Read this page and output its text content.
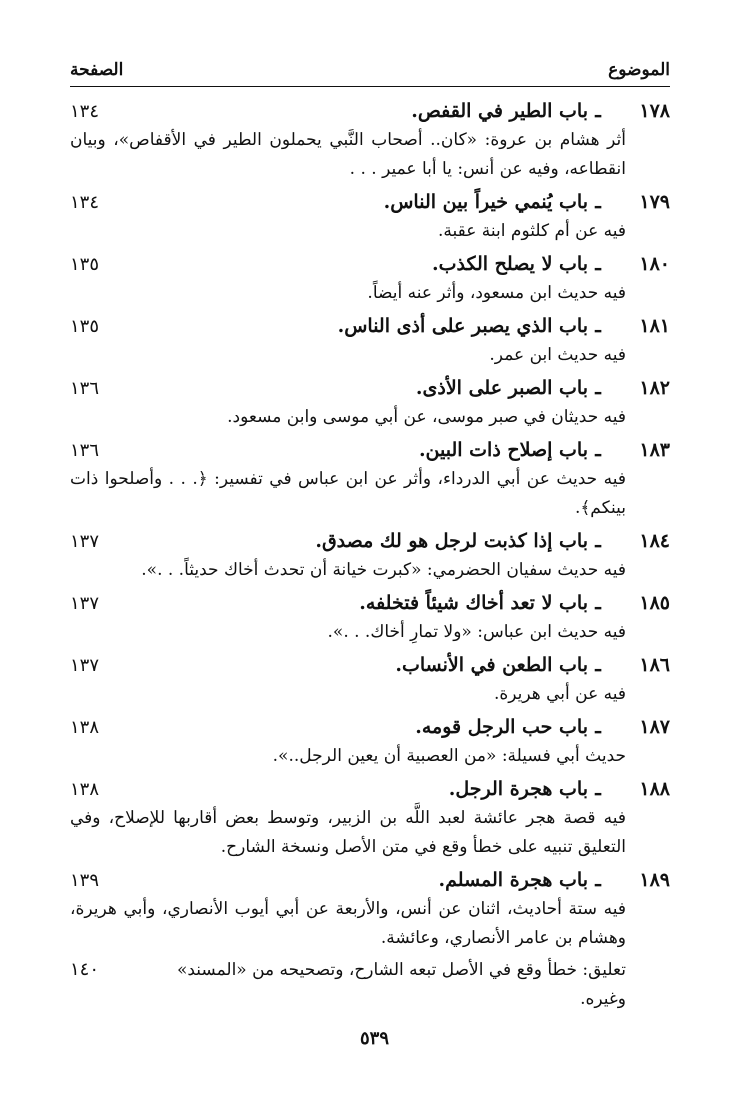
الموضوع
الصفحة
١٧٨
ـ
باب الطير في القفص.
١٣٤
أثر هشام بن عروة: «كان.. أصحاب النَّبي يحملون الطير في الأقفاص»، وبيان انقطاعه، وفيه عن أنس: يا أبا عمير . . .
١٧٩
ـ
باب يُنمي خيراً بين الناس.
١٣٤
فيه عن أم كلثوم ابنة عقبة.
١٨٠
ـ
باب لا يصلح الكذب.
١٣٥
فيه حديث ابن مسعود، وأثر عنه أيضاً.
١٨١
ـ
باب الذي يصبر على أذى الناس.
١٣٥
فيه حديث ابن عمر.
١٨٢
ـ
باب الصبر على الأذى.
١٣٦
فيه حديثان في صبر موسى، عن أبي موسى وابن مسعود.
١٨٣
ـ
باب إصلاح ذات البين.
١٣٦
فيه حديث عن أبي الدرداء، وأثر عن ابن عباس في تفسير: ﴿. . . وأصلحوا ذات بينكم﴾.
١٨٤
ـ
باب إذا كذبت لرجل هو لك مصدق.
١٣٧
فيه حديث سفيان الحضرمي: «كبرت خيانة أن تحدث أخاك حديثاً. . .».
١٨٥
ـ
باب لا تعد أخاك شيئاً فتخلفه.
١٣٧
فيه حديث ابن عباس: «ولا تمارِ أخاك. . .».
١٨٦
ـ
باب الطعن في الأنساب.
١٣٧
فيه عن أبي هريرة.
١٨٧
ـ
باب حب الرجل قومه.
١٣٨
حديث أبي فسيلة: «من العصبية أن يعين الرجل..».
١٨٨
ـ
باب هجرة الرجل.
١٣٨
فيه قصة هجر عائشة لعبد اللَّه بن الزبير، وتوسط بعض أقاربها للإصلاح، وفي التعليق تنبيه على خطأ وقع في متن الأصل ونسخة الشارح.
١٨٩
ـ
باب هجرة المسلم.
١٣٩
فيه ستة أحاديث، اثنان عن أنس، والأربعة عن أبي أيوب الأنصاري، وأبي هريرة، وهشام بن عامر الأنصاري، وعائشة.
تعليق: خطأ وقع في الأصل تبعه الشارح، وتصحيحه من «المسند» وغيره.
١٤٠
٥٣٩
